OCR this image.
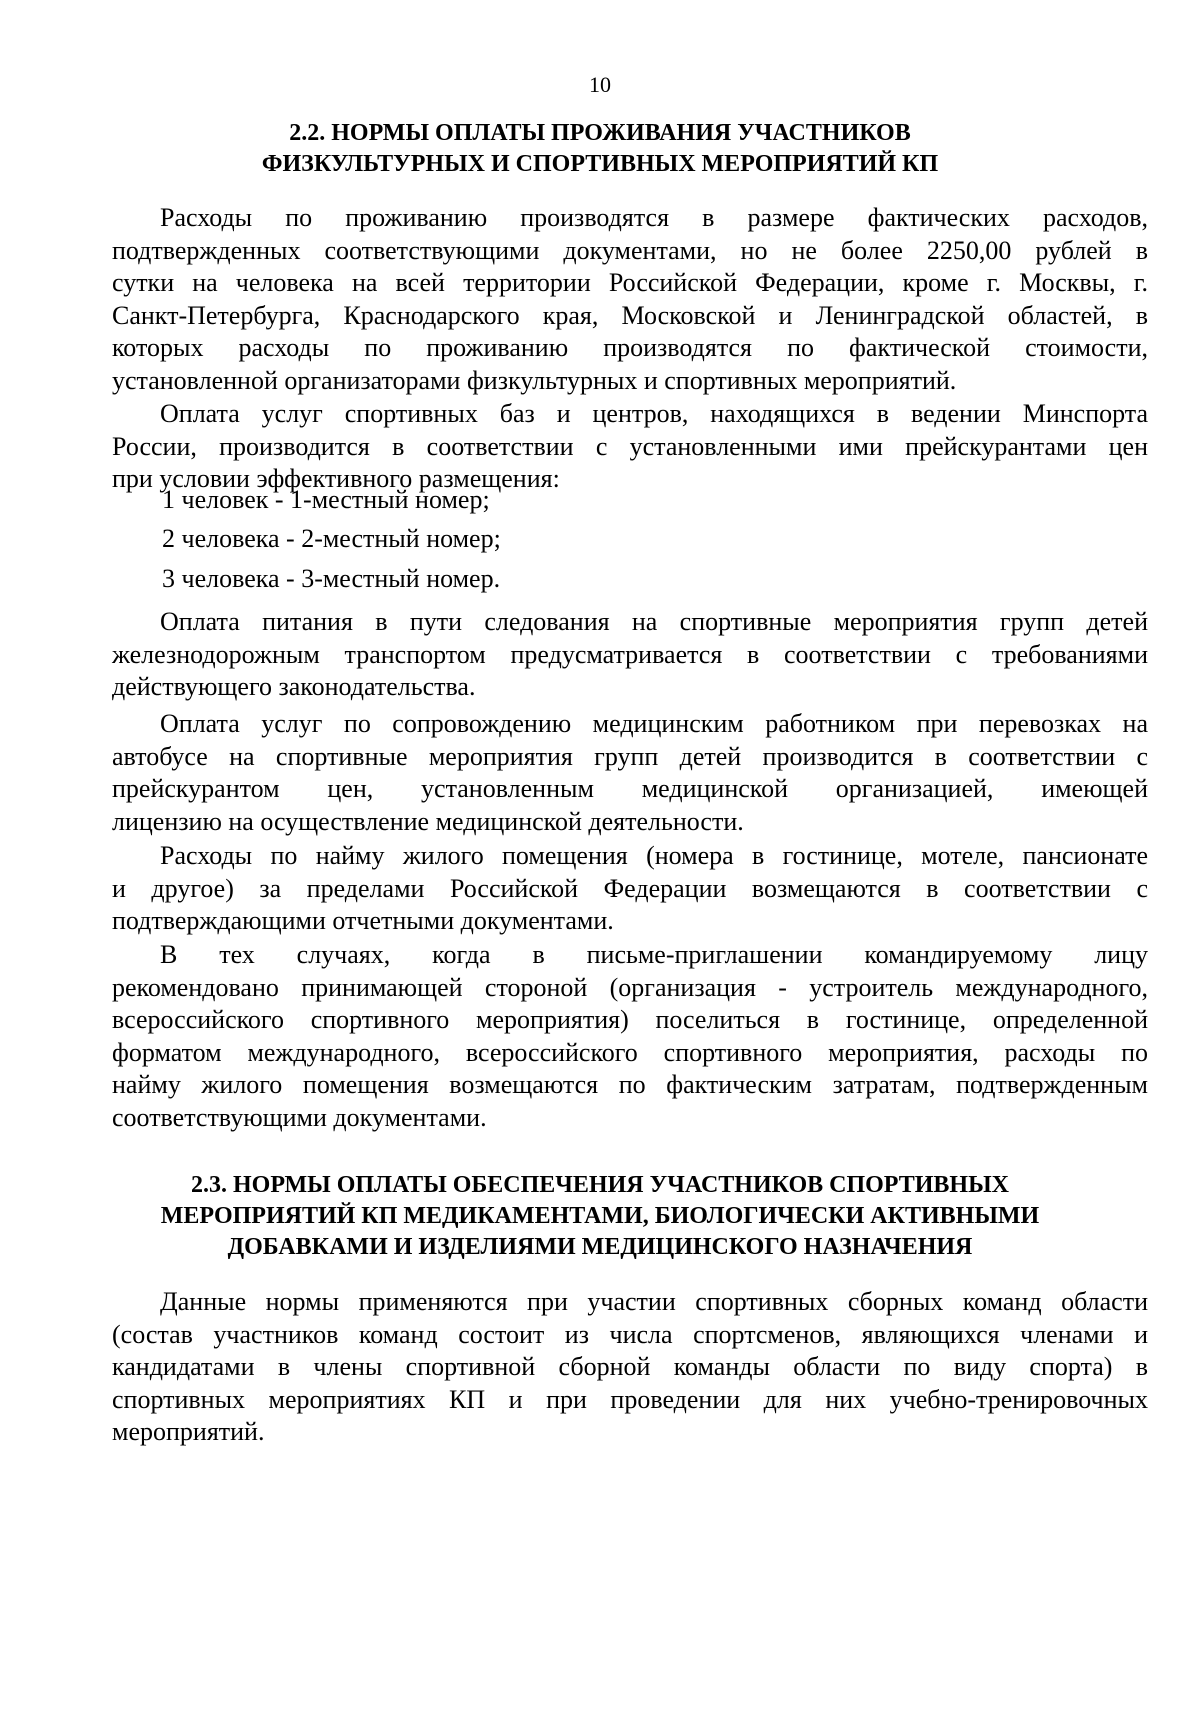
10
2.2. НОРМЫ ОПЛАТЫ ПРОЖИВАНИЯ УЧАСТНИКОВ
ФИЗКУЛЬТУРНЫХ И СПОРТИВНЫХ МЕРОПРИЯТИЙ КП
Расходы по проживанию производятся в размере фактических расходов,
подтвержденных соответствующими документами, но не более 2250,00 рублей в
сутки на человека на всей территории Российской Федерации, кроме г. Москвы, г.
Санкт-Петербурга, Краснодарского края, Московской и Ленинградской областей, в
которых расходы по проживанию производятся по фактической стоимости,
установленной организаторами физкультурных и спортивных мероприятий.
Оплата услуг спортивных баз и центров, находящихся в ведении Минспорта
России, производится в соответствии с установленными ими прейскурантами цен
при условии эффективного размещения:
1 человек - 1-местный номер;
2 человека - 2-местный номер;
3 человека - 3-местный номер.
Оплата питания в пути следования на спортивные мероприятия групп детей
железнодорожным транспортом предусматривается в соответствии с требованиями
действующего законодательства.
Оплата услуг по сопровождению медицинским работником при перевозках на
автобусе на спортивные мероприятия групп детей производится в соответствии с
прейскурантом цен, установленным медицинской организацией, имеющей
лицензию на осуществление медицинской деятельности.
Расходы по найму жилого помещения (номера в гостинице, мотеле, пансионате
и другое) за пределами Российской Федерации возмещаются в соответствии с
подтверждающими отчетными документами.
В тех случаях, когда в письме-приглашении командируемому лицу
рекомендовано принимающей стороной (организация - устроитель международного,
всероссийского спортивного мероприятия) поселиться в гостинице, определенной
форматом международного, всероссийского спортивного мероприятия, расходы по
найму жилого помещения возмещаются по фактическим затратам, подтвержденным
соответствующими документами.
2.3. НОРМЫ ОПЛАТЫ ОБЕСПЕЧЕНИЯ УЧАСТНИКОВ СПОРТИВНЫХ
МЕРОПРИЯТИЙ КП МЕДИКАМЕНТАМИ, БИОЛОГИЧЕСКИ АКТИВНЫМИ
ДОБАВКАМИ И ИЗДЕЛИЯМИ МЕДИЦИНСКОГО НАЗНАЧЕНИЯ
Данные нормы применяются при участии спортивных сборных команд области
(состав участников команд состоит из числа спортсменов, являющихся членами и
кандидатами в члены спортивной сборной команды области по виду спорта) в
спортивных мероприятиях КП и при проведении для них учебно-тренировочных
мероприятий.
